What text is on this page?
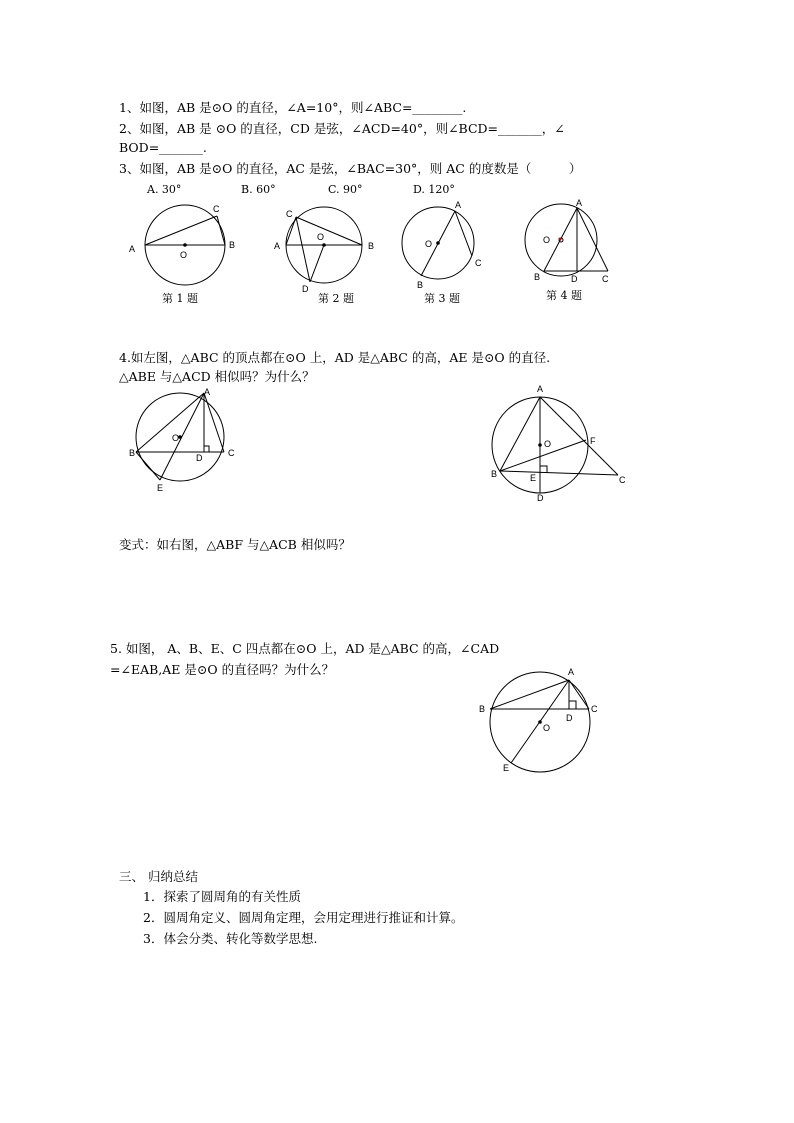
1、如图，AB 是⊙O 的直径，∠A=10°，则∠ABC=________.
2、如图，AB 是 ⊙O 的直径，CD 是弦，∠ACD=40°，则∠BCD=_______，∠
BOD=_______.
3、如图，AB 是⊙O 的直径，AC 是弦，∠BAC=30°，则 AC 的度数是（　　　）
A. 30°	B. 60°	C. 90°	D. 120°
A	B
C
O
A	B
C
D
O
A
C
B
O
A
B	D	C
O
第 1 题	第 2 题	第 3 题	第 4 题
4.如左图，△ABC 的顶点都在⊙O 上，AD 是△ABC 的高，AE 是⊙O 的直径.
△ABE 与△ACD 相似吗？为什么？
A
B	C
D
E
O
A
B
C
D
E
F
O
变式：如右图，△ABF 与△ACB 相似吗？
5. 如图， A、B、E、C 四点都在⊙O 上，AD 是△ABC 的高，∠CAD
=∠EAB,AE 是⊙O 的直径吗？为什么？	A
B	C
D
E
O
三、 归纳总结
1．探索了圆周角的有关性质
2．圆周角定义、圆周角定理，会用定理进行推证和计算。
3．体会分类、转化等数学思想.
